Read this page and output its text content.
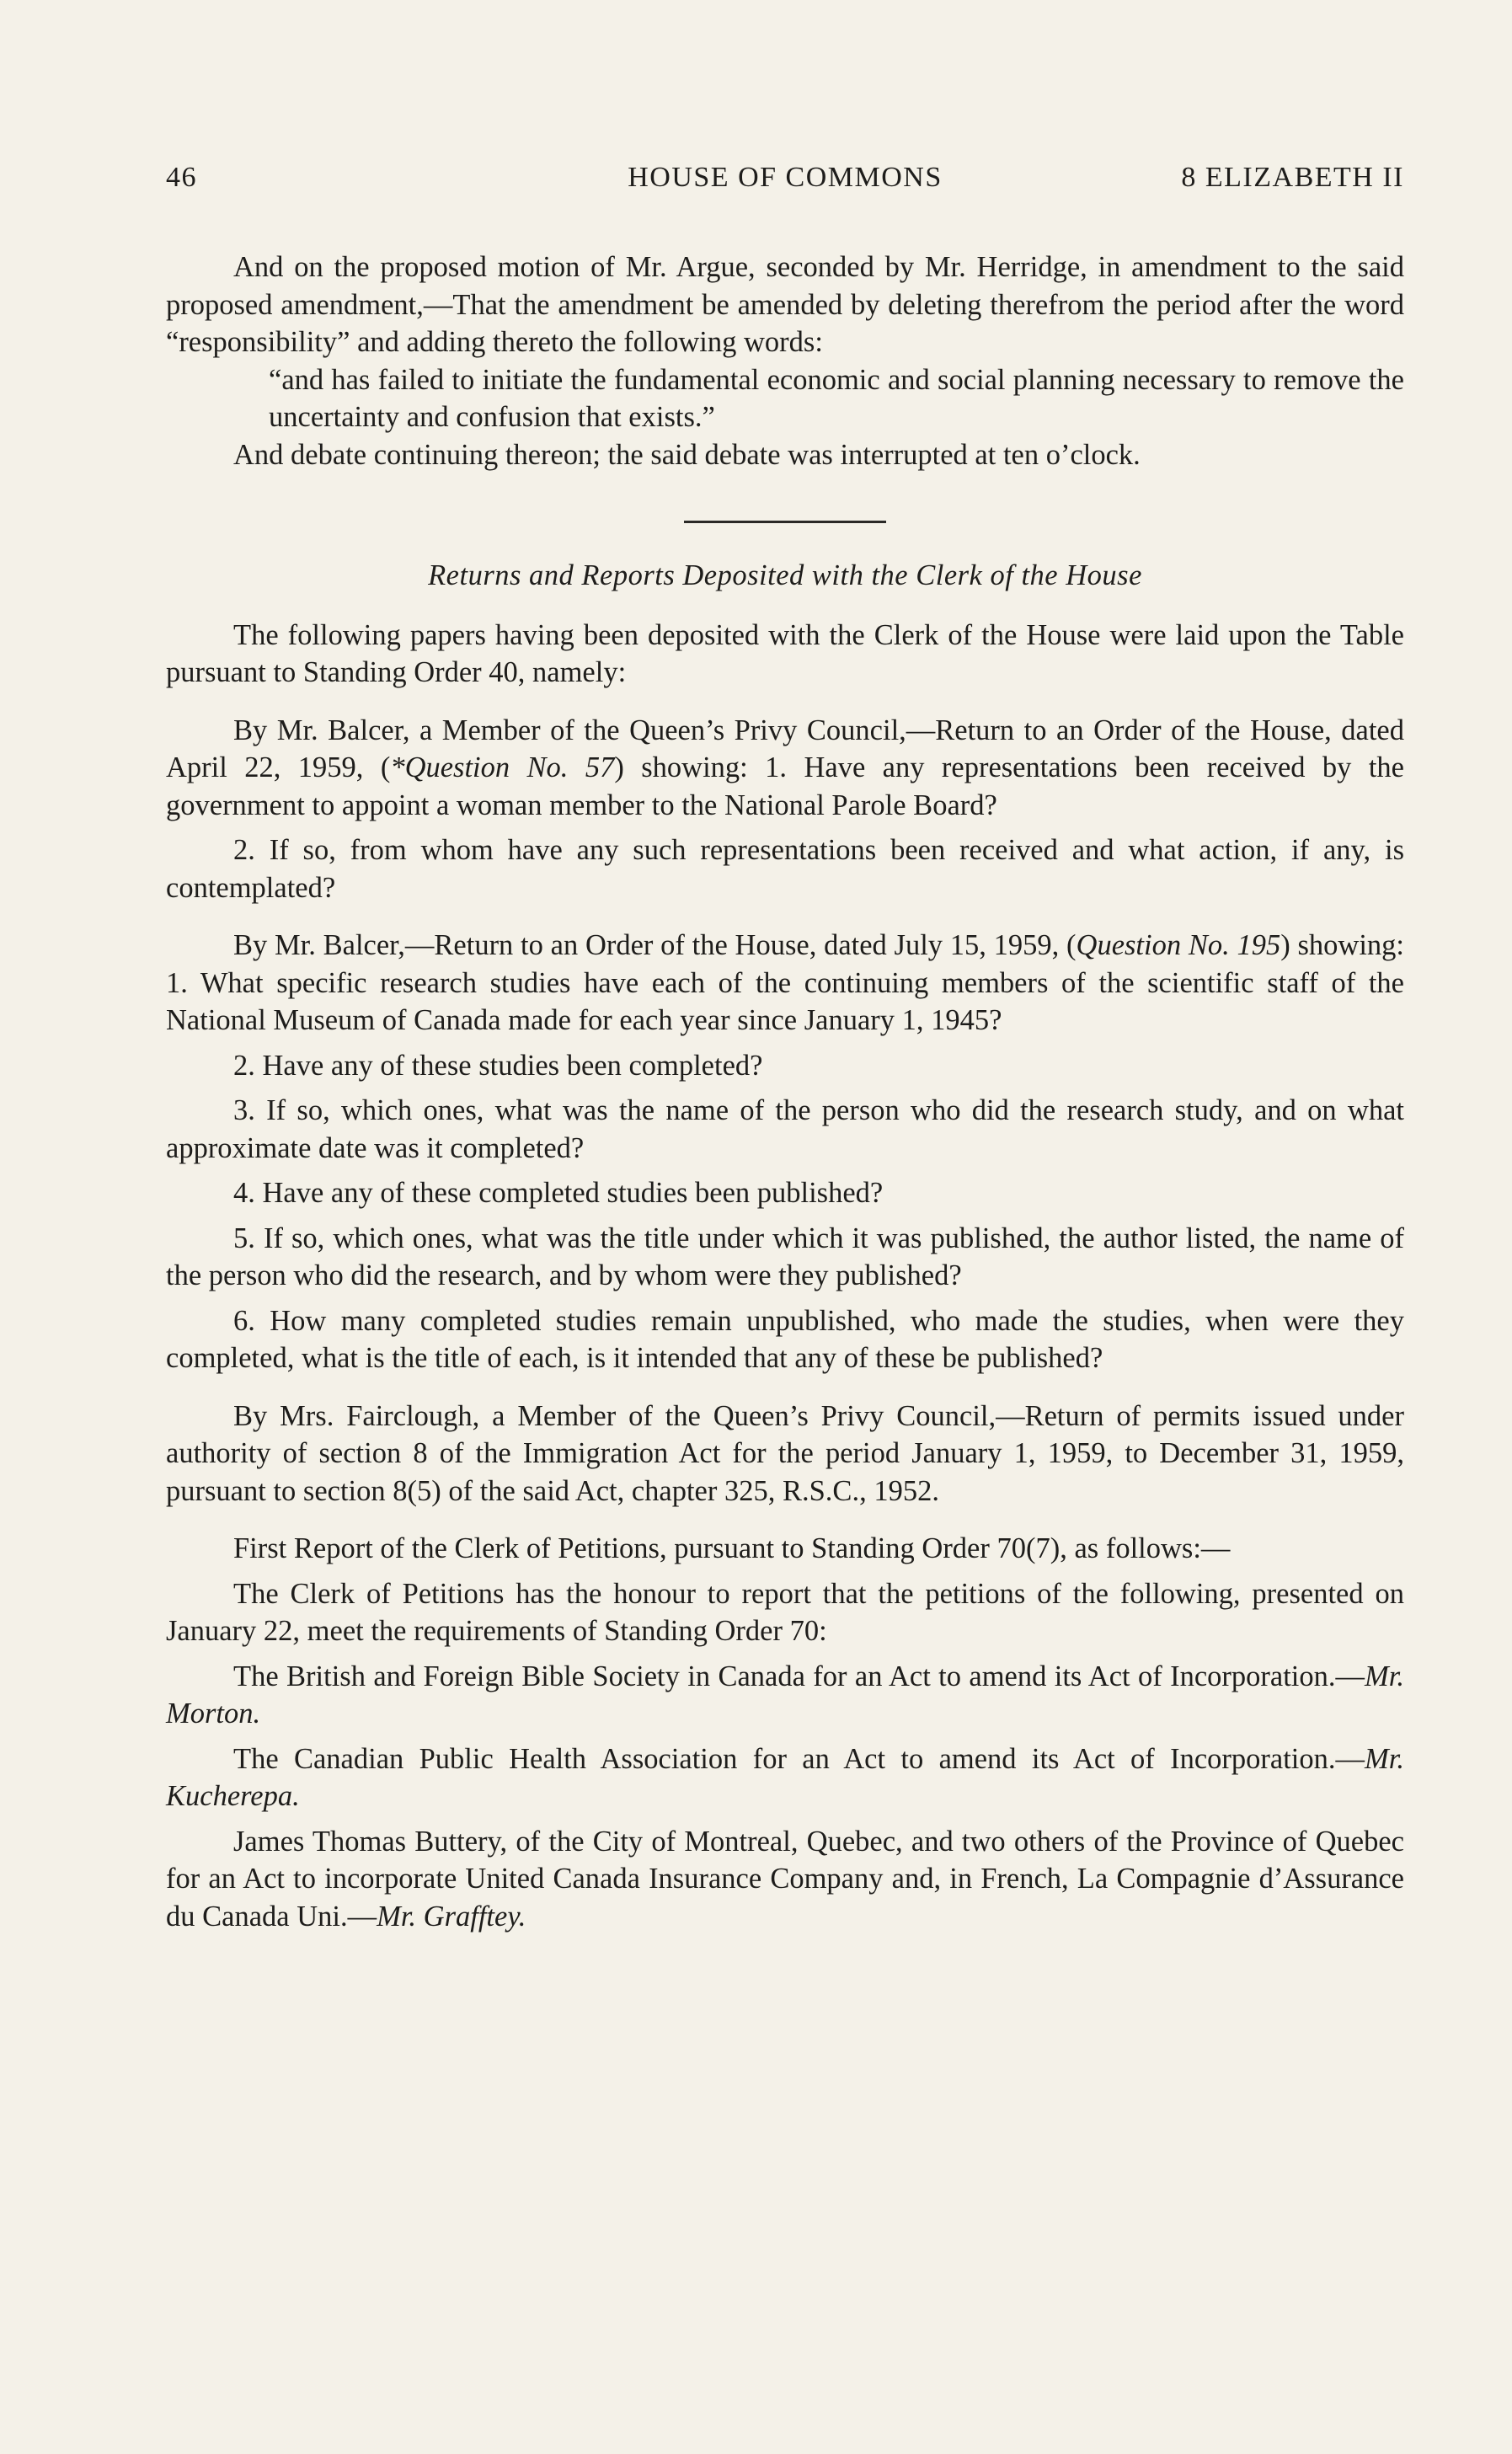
46	HOUSE OF COMMONS	8 ELIZABETH II

And on the proposed motion of Mr. Argue, seconded by Mr. Herridge, in amendment to the said proposed amendment,—That the amendment be amended by deleting therefrom the period after the word “responsibility” and adding thereto the following words:

“and has failed to initiate the fundamental economic and social planning necessary to remove the uncertainty and confusion that exists.”

And debate continuing thereon; the said debate was interrupted at ten o’clock.

Returns and Reports Deposited with the Clerk of the House

The following papers having been deposited with the Clerk of the House were laid upon the Table pursuant to Standing Order 40, namely:

By Mr. Balcer, a Member of the Queen’s Privy Council,—Return to an Order of the House, dated April 22, 1959, (*Question No. 57) showing: 1. Have any representations been received by the government to appoint a woman member to the National Parole Board?

2. If so, from whom have any such representations been received and what action, if any, is contemplated?

By Mr. Balcer,—Return to an Order of the House, dated July 15, 1959, (Question No. 195) showing: 1. What specific research studies have each of the continuing members of the scientific staff of the National Museum of Canada made for each year since January 1, 1945?

2. Have any of these studies been completed?

3. If so, which ones, what was the name of the person who did the research study, and on what approximate date was it completed?

4. Have any of these completed studies been published?

5. If so, which ones, what was the title under which it was published, the author listed, the name of the person who did the research, and by whom were they published?

6. How many completed studies remain unpublished, who made the studies, when were they completed, what is the title of each, is it intended that any of these be published?

By Mrs. Fairclough, a Member of the Queen’s Privy Council,—Return of permits issued under authority of section 8 of the Immigration Act for the period January 1, 1959, to December 31, 1959, pursuant to section 8(5) of the said Act, chapter 325, R.S.C., 1952.

First Report of the Clerk of Petitions, pursuant to Standing Order 70(7), as follows:—

The Clerk of Petitions has the honour to report that the petitions of the following, presented on January 22, meet the requirements of Standing Order 70:

The British and Foreign Bible Society in Canada for an Act to amend its Act of Incorporation.—Mr. Morton.

The Canadian Public Health Association for an Act to amend its Act of Incorporation.—Mr. Kucherepa.

James Thomas Buttery, of the City of Montreal, Quebec, and two others of the Province of Quebec for an Act to incorporate United Canada Insurance Company and, in French, La Compagnie d’Assurance du Canada Uni.—Mr. Grafftey.
